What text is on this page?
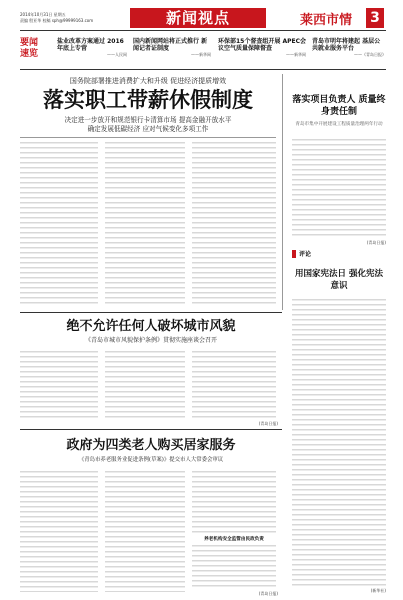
2014年10月31日 星期五
责编 殷亚华 校稿 sph@99999163.com	新闻视点	莱西市情 3
要闻
速览
盐业改革方案通过 2016年底上专营
——人民网
国内新闻网站将正式推行 新闻记者证制度
——新华网
环保部15个督查组开展 APEC会议空气质量保障督查
——新华网
青岛市明年将建起 基层公共就业服务平台
——《青岛日报》
国务院部署推进消费扩大和升级 促进经济提质增效
落实职工带薪休假制度
决定进一步放开和规范银行卡清算市场 提高金融开放水平
确定发展低碳经济 应对气候变化多项工作
落实项目负责人 质量终身责任制
青岛市集中开展建设工程质量治理两年行动
(青岛日报)
评论
用国家宪法日 强化宪法意识
(新华社)
绝不允许任何人破坏城市风貌
《青岛市城市风貌保护条例》贯彻实施座谈会召开
(青岛日报)
政府为四类老人购买居家服务
《青岛市养老服务业促进条例(草案)》提交市人大常委会审议
养老机构安全监管由民政负责
(青岛日报)
